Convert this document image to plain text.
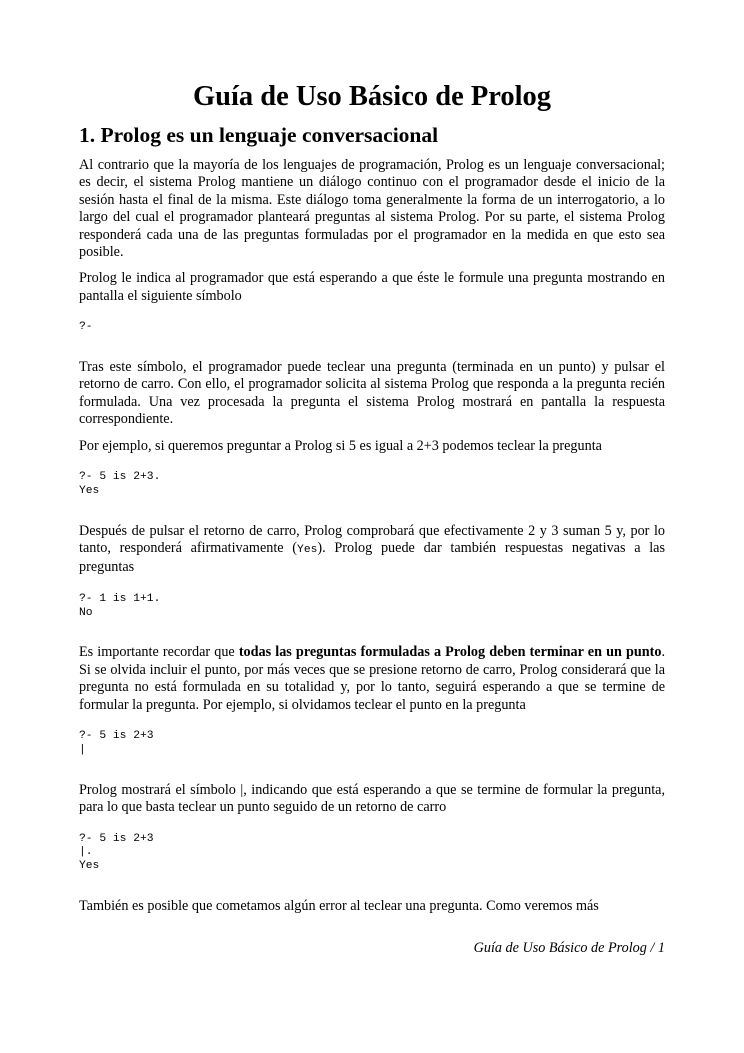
Guía de Uso Básico de Prolog
1. Prolog es un lenguaje conversacional

Al contrario que la mayoría de los lenguajes de programación, Prolog es un lenguaje conversacional; es decir, el sistema Prolog mantiene un diálogo continuo con el programador desde el inicio de la sesión hasta el final de la misma. Este diálogo toma generalmente la forma de un interrogatorio, a lo largo del cual el programador planteará preguntas al sistema Prolog. Por su parte, el sistema Prolog responderá cada una de las preguntas formuladas por el programador en la medida en que esto sea posible.

Prolog le indica al programador que está esperando a que éste le formule una pregunta mostrando en pantalla el siguiente símbolo

?-

Tras este símbolo, el programador puede teclear una pregunta (terminada en un punto) y pulsar el retorno de carro. Con ello, el programador solicita al sistema Prolog que responda a la pregunta recién formulada. Una vez procesada la pregunta el sistema Prolog mostrará en pantalla la respuesta correspondiente.

Por ejemplo, si queremos preguntar a Prolog si 5 es igual a 2+3 podemos teclear la pregunta

?- 5 is 2+3.
Yes

Después de pulsar el retorno de carro, Prolog comprobará que efectivamente 2 y 3 suman 5 y, por lo tanto, responderá afirmativamente (Yes). Prolog puede dar también respuestas negativas a las preguntas

?- 1 is 1+1.
No

Es importante recordar que todas las preguntas formuladas a Prolog deben terminar en un punto. Si se olvida incluir el punto, por más veces que se presione retorno de carro, Prolog considerará que la pregunta no está formulada en su totalidad y, por lo tanto, seguirá esperando a que se termine de formular la pregunta. Por ejemplo, si olvidamos teclear el punto en la pregunta

?- 5 is 2+3
|

Prolog mostrará el símbolo |, indicando que está esperando a que se termine de formular la pregunta, para lo que basta teclear un punto seguido de un retorno de carro

?- 5 is 2+3
|.
Yes

También es posible que cometamos algún error al teclear una pregunta. Como veremos más

Guía de Uso Básico de Prolog / 1
